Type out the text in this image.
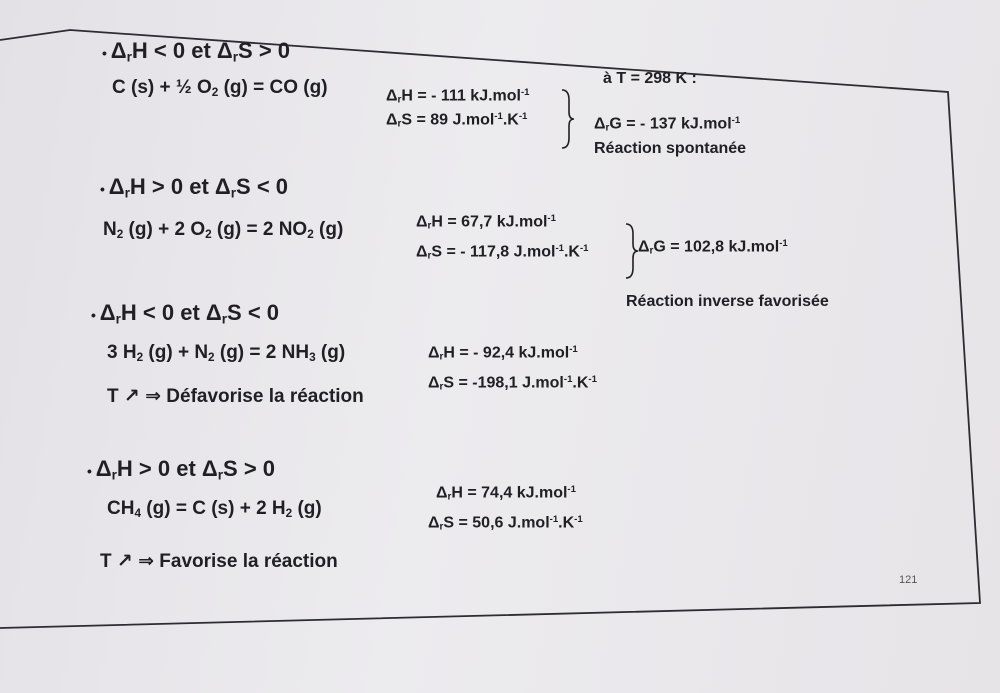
• $\Delta_rH < 0$ et $\Delta_rS > 0$
C (s) + ½ $O_2$ (g) = CO (g)	$\Delta_rH$ = - 111 kJ.mol$^{-1}$
$\Delta_rS = 89$ $J.mol^{-1}.K^{-1}$
à T = 298 K :
$\Delta_rG$ = - 137 kJ.mol$^{-1}$
Réaction spontanée
• $\Delta_rH > 0$ et $\Delta_rS < 0$
$N_2$ (g) + 2 $O_2$ (g) = 2 $NO_2$ (g)	$\Delta_rH = 67,7$ kJ.mol$^{-1}$
$\Delta_rS$ = - 117,8 $J.mol^{-1}.K^{-1}$	$\Delta_rG = 102,8$ kJ.mol$^{-1}$
Réaction inverse favorisée
• $\Delta_rH < 0$ et $\Delta_rS < 0$
3 $H_2$ $(g) + N_2$ (g) = 2 $NH_3$ (g)	$\Delta_rH$ = - 92,4 kJ.mol$^{-1}$
$\Delta_rS = -198,1$ $J.mol^{-1}.K^{-1}$
T ↗ ⇒ Défavorise la réaction
• $\Delta_rH > 0$ et $\Delta_rS > 0$
$CH_4$ (g) = C (s) + 2 $H_2$ (g)
$\Delta_rH = 74,4$ kJ.mol$^{-1}$
$\Delta_rS = 50,6$ $J.mol^{-1}.K^{-1}$
T ↗ ⇒ Favorise la réaction
121
